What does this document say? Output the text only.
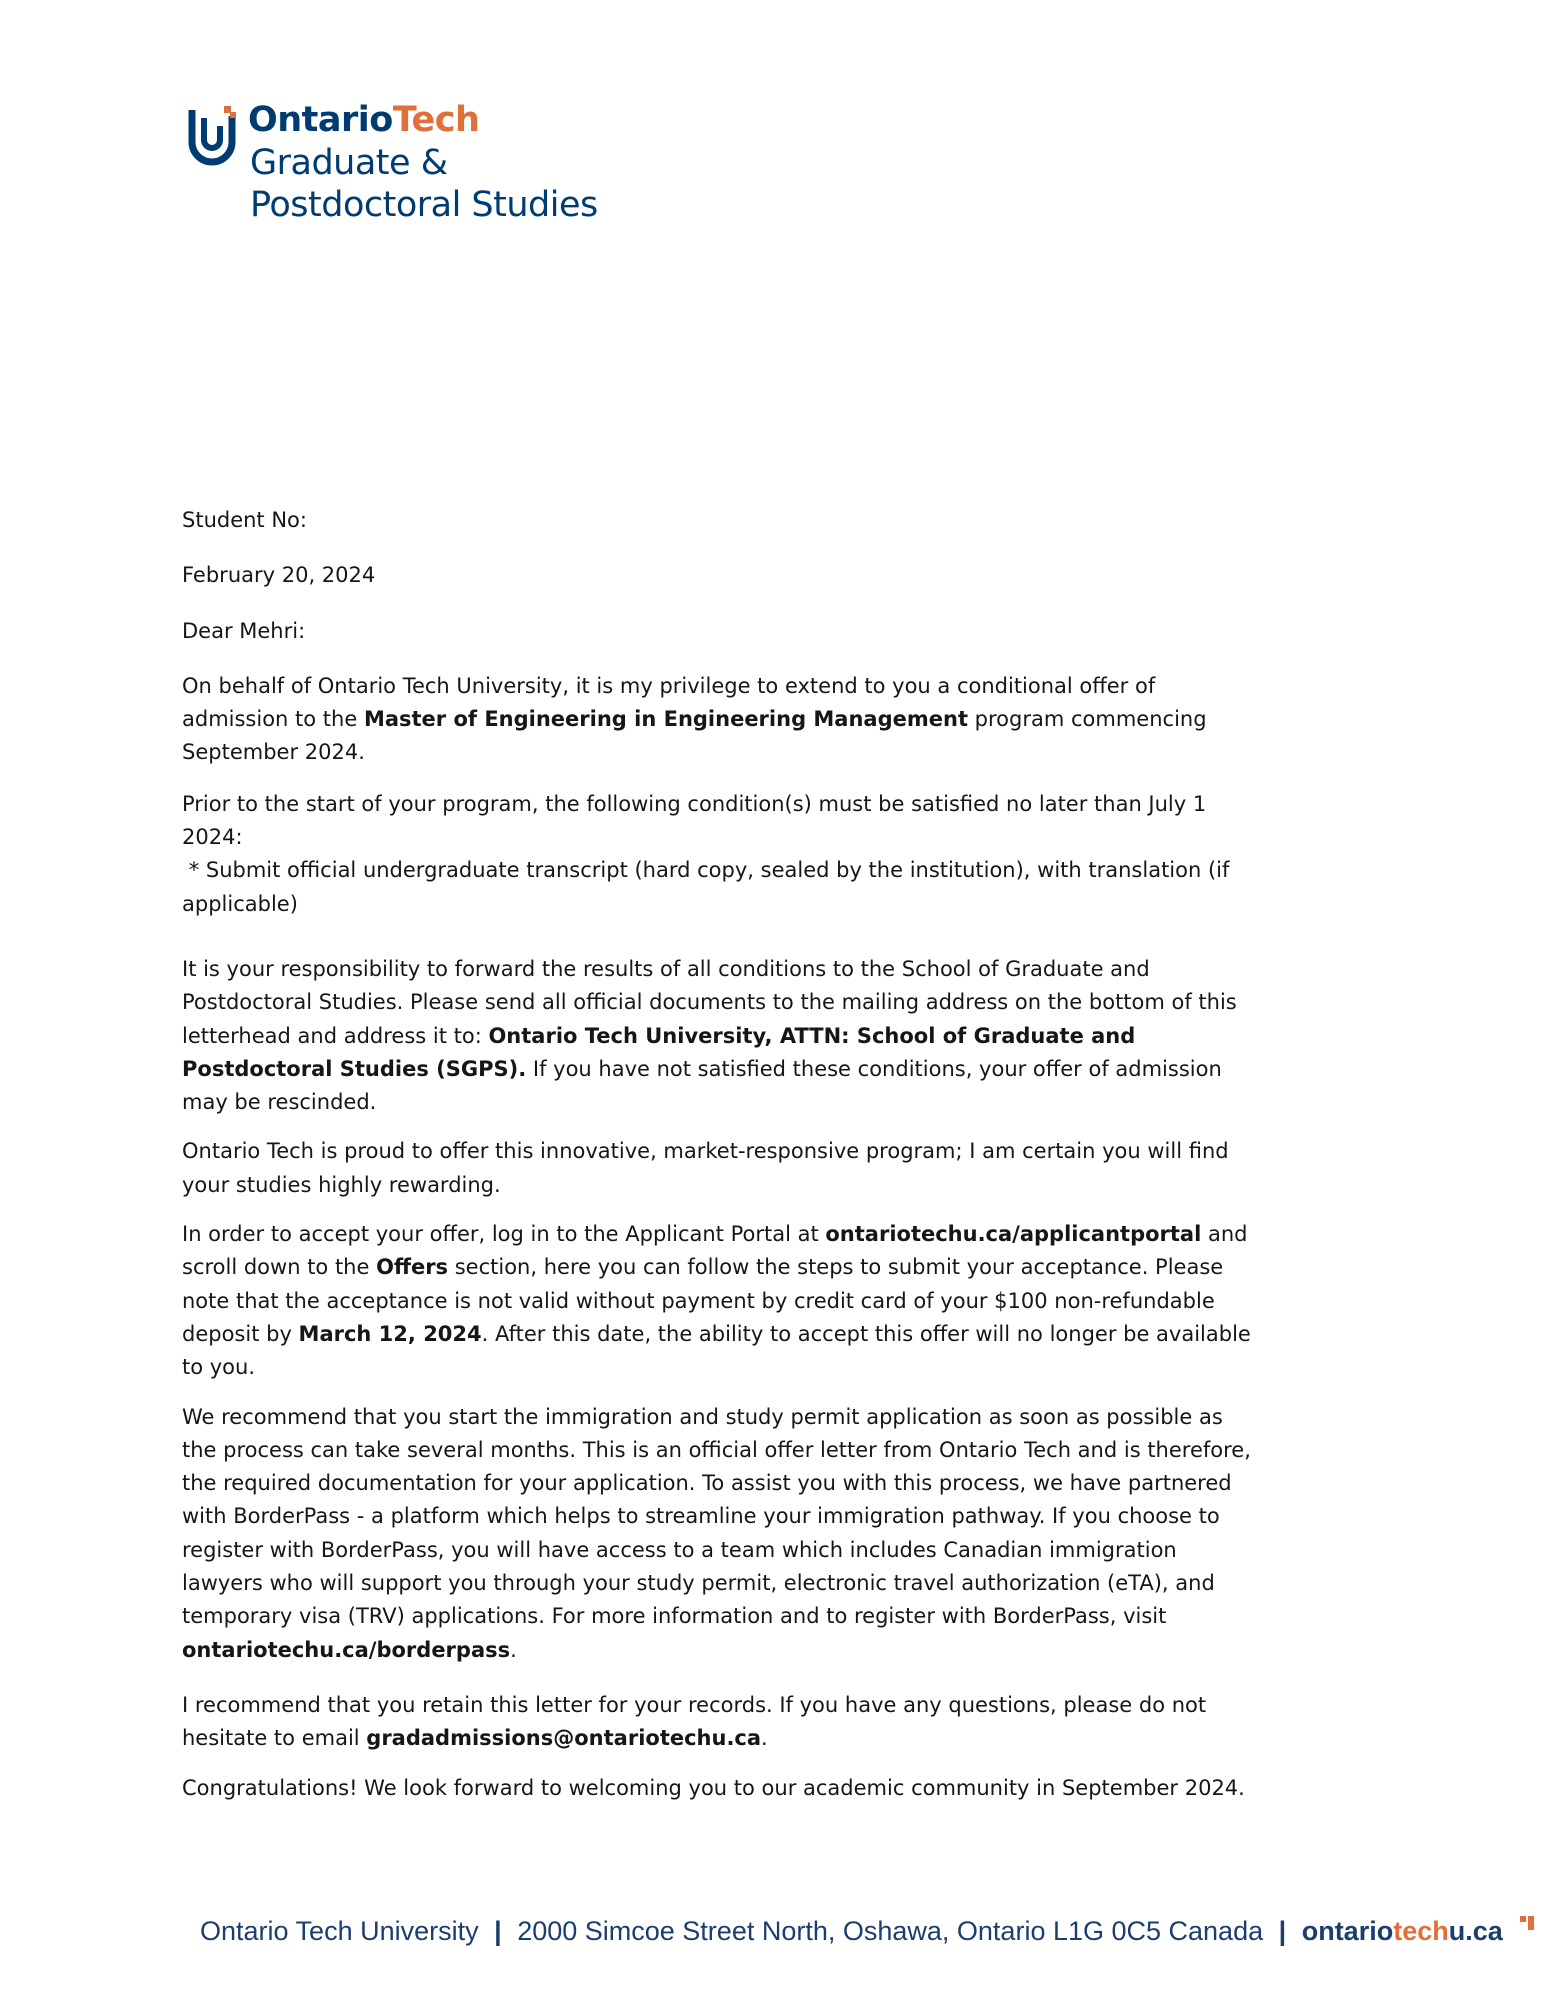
OntarioTech
Graduate &
Postdoctoral Studies

Student No:

February 20, 2024

Dear Mehri:

On behalf of Ontario Tech University, it is my privilege to extend to you a conditional offer of admission to the Master of Engineering in Engineering Management program commencing September 2024.

Prior to the start of your program, the following condition(s) must be satisfied no later than July 1 2024:
* Submit official undergraduate transcript (hard copy, sealed by the institution), with translation (if applicable)

It is your responsibility to forward the results of all conditions to the School of Graduate and Postdoctoral Studies. Please send all official documents to the mailing address on the bottom of this letterhead and address it to: Ontario Tech University, ATTN: School of Graduate and Postdoctoral Studies (SGPS). If you have not satisfied these conditions, your offer of admission may be rescinded.

Ontario Tech is proud to offer this innovative, market-responsive program; I am certain you will find your studies highly rewarding.

In order to accept your offer, log in to the Applicant Portal at ontariotechu.ca/applicantportal and scroll down to the Offers section, here you can follow the steps to submit your acceptance. Please note that the acceptance is not valid without payment by credit card of your $100 non-refundable deposit by March 12, 2024. After this date, the ability to accept this offer will no longer be available to you.

We recommend that you start the immigration and study permit application as soon as possible as the process can take several months. This is an official offer letter from Ontario Tech and is therefore, the required documentation for your application. To assist you with this process, we have partnered with BorderPass - a platform which helps to streamline your immigration pathway. If you choose to register with BorderPass, you will have access to a team which includes Canadian immigration lawyers who will support you through your study permit, electronic travel authorization (eTA), and temporary visa (TRV) applications. For more information and to register with BorderPass, visit ontariotechu.ca/borderpass.

I recommend that you retain this letter for your records. If you have any questions, please do not hesitate to email gradadmissions@ontariotechu.ca.

Congratulations! We look forward to welcoming you to our academic community in September 2024.

Ontario Tech University | 2000 Simcoe Street North, Oshawa, Ontario L1G 0C5 Canada | ontariotechu.ca
